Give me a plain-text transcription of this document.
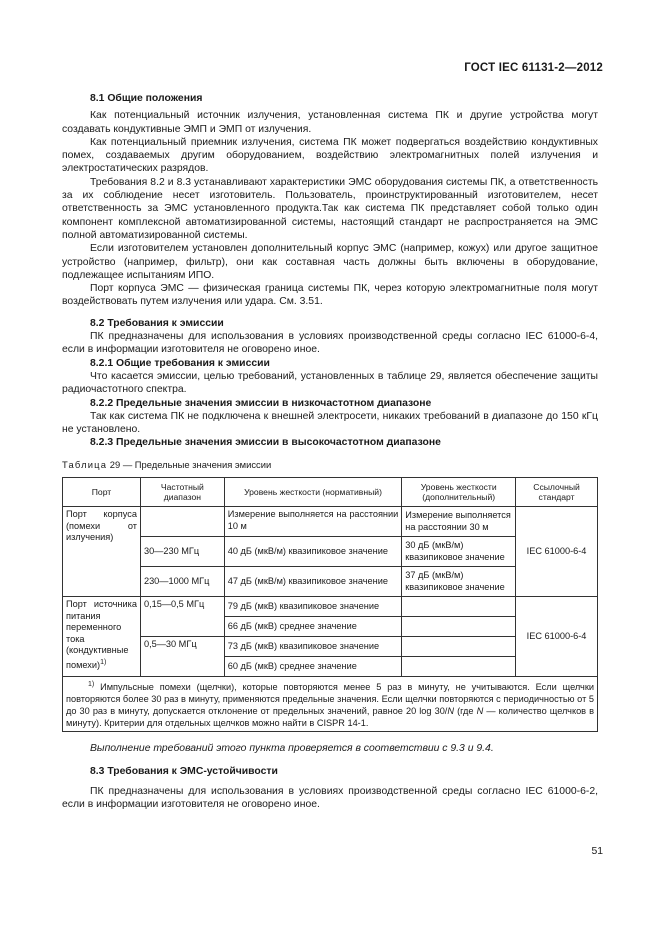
ГОСТ IEC 61131-2—2012

8.1 Общие положения

Как потенциальный источник излучения, установленная система ПК и другие устройства могут создавать кондуктивные ЭМП и ЭМП от излучения.

Как потенциальный приемник излучения, система ПК может подвергаться воздействию кондуктивных помех, создаваемых другим оборудованием, воздействию электромагнитных полей излучения и электростатических разрядов.

Требования 8.2 и 8.3 устанавливают характеристики ЭМС оборудования системы ПК, а ответственность за их соблюдение несет изготовитель. Пользователь, проинструктированный изготовителем, несет ответственность за ЭМС установленного продукта.Так как система ПК представляет собой только один компонент комплексной автоматизированной системы, настоящий стандарт не распространяется на ЭМС полной автоматизированной системы.

Если изготовителем установлен дополнительный корпус ЭМС (например, кожух) или другое защитное устройство (например, фильтр), они как составная часть должны быть включены в оборудование, подлежащее испытаниям ИПО.

Порт корпуса ЭМС — физическая граница системы ПК, через которую электромагнитные поля могут воздействовать путем излучения или удара. См. 3.51.

8.2 Требования к эмиссии

ПК предназначены для использования в условиях производственной среды согласно IEC 61000-6-4, если в информации изготовителя не оговорено иное.

8.2.1 Общие требования к эмиссии

Что касается эмиссии, целью требований, установленных в таблице 29, является обеспечение защиты радиочастотного спектра.

8.2.2 Предельные значения эмиссии в низкочастотном диапазоне

Так как система ПК не подключена к внешней электросети, никаких требований в диапазоне до 150 кГц не установлено.

8.2.3 Предельные значения эмиссии в высокочастотном диапазоне

Таблица 29 — Предельные значения эмиссии
Порт	Частотный диапазон	Уровень жесткости (нормативный)	Уровень жесткости (дополнительный)	Ссылочный стандарт
Порт корпуса (помехи от излучения)		Измерение выполняется на расстоянии 10 м	Измерение выполняется на расстоянии 30 м	IEC 61000-6-4
	30—230 МГц	40 дБ (мкВ/м) квазипиковое значение	30 дБ (мкВ/м) квазипиковое значение	
	230—1000 МГц	47 дБ (мкВ/м) квазипиковое значение	37 дБ (мкВ/м) квазипиковое значение	
Порт источника питания переменного тока (кондуктивные помехи)$^{1)}$	0,15—0,5 МГц	79 дБ (мкВ) квазипиковое значение		IEC 61000-6-4
		66 дБ (мкВ) среднее значение		
	0,5—30 МГц	73 дБ (мкВ) квазипиковое значение		
		60 дБ (мкВ) среднее значение		
$^{1)}$ Импульсные помехи (щелчки), которые повторяются менее 5 раз в минуту, не учитываются. Если щелчки повторяются более 30 раз в минуту, применяются предельные значения. Если щелчки повторяются с периодичностью от 5 до 30 раз в минуту, допускается отклонение от предельных значений, равное 20 log 30/N (где N — количество щелчков в минуту). Критерии для отдельных щелчков можно найти в CISPR 14-1.				

Выполнение требований этого пункта проверяется в соответствии с 9.3 и 9.4.

8.3 Требования к ЭМС-устойчивости

ПК предназначены для использования в условиях производственной среды согласно IEC 61000-6-2, если в информации изготовителя не оговорено иное.

51
